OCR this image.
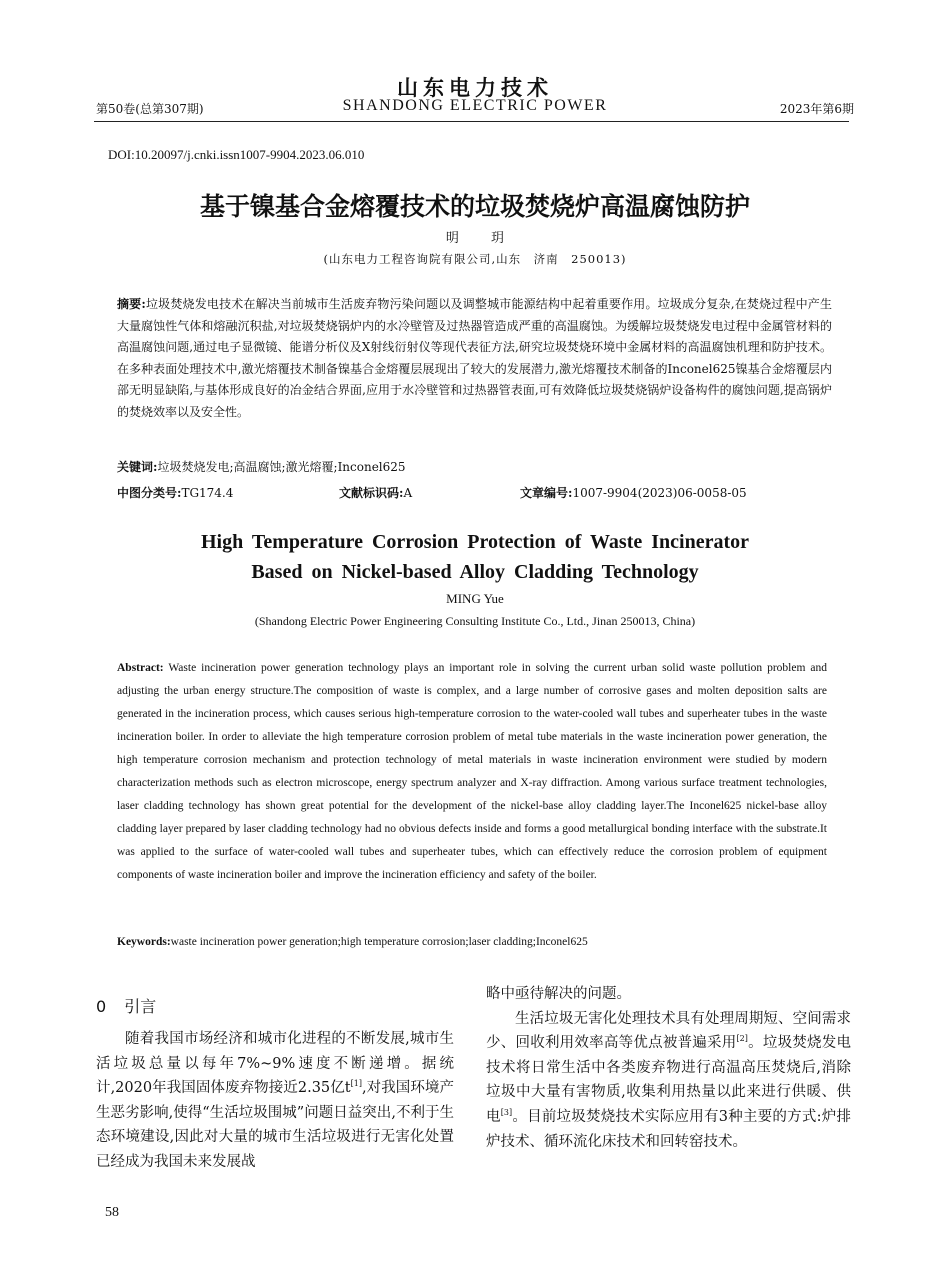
山东电力技术
第50卷(总第307期)	SHANDONG ELECTRIC POWER	2023年第6期
DOI:10.20097/j.cnki.issn1007-9904.2023.06.010
基于镍基合金熔覆技术的垃圾焚烧炉高温腐蚀防护
明 玥
(山东电力工程咨询院有限公司,山东　济南　250013)
摘要:垃圾焚烧发电技术在解决当前城市生活废弃物污染问题以及调整城市能源结构中起着重要作用。垃圾成分复杂,在焚烧过程中产生大量腐蚀性气体和熔融沉积盐,对垃圾焚烧锅炉内的水冷壁管及过热器管造成严重的高温腐蚀。为缓解垃圾焚烧发电过程中金属管材料的高温腐蚀问题,通过电子显微镜、能谱分析仪及X射线衍射仪等现代表征方法,研究垃圾焚烧环境中金属材料的高温腐蚀机理和防护技术。在多种表面处理技术中,激光熔覆技术制备镍基合金熔覆层展现出了较大的发展潜力,激光熔覆技术制备的Inconel625镍基合金熔覆层内部无明显缺陷,与基体形成良好的冶金结合界面,应用于水冷壁管和过热器管表面,可有效降低垃圾焚烧锅炉设备构件的腐蚀问题,提高锅炉的焚烧效率以及安全性。
关键词:垃圾焚烧发电;高温腐蚀;激光熔覆;Inconel625
中图分类号:TG174.4	文献标识码:A	文章编号:1007-9904(2023)06-0058-05
High Temperature Corrosion Protection of Waste Incinerator
Based on Nickel-based Alloy Cladding Technology
MING Yue
(Shandong Electric Power Engineering Consulting Institute Co., Ltd., Jinan 250013, China)
Abstract: Waste incineration power generation technology plays an important role in solving the current urban solid waste pollution problem and adjusting the urban energy structure.The composition of waste is complex, and a large number of corrosive gases and molten deposition salts are generated in the incineration process, which causes serious high-temperature corrosion to the water-cooled wall tubes and superheater tubes in the waste incineration boiler. In order to alleviate the high temperature corrosion problem of metal tube materials in the waste incineration power generation, the high temperature corrosion mechanism and protection technology of metal materials in waste incineration environment were studied by modern characterization methods such as electron microscope, energy spectrum analyzer and X-ray diffraction. Among various surface treatment technologies, laser cladding technology has shown great potential for the development of the nickel-base alloy cladding layer.The Inconel625 nickel-base alloy cladding layer prepared by laser cladding technology had no obvious defects inside and forms a good metallurgical bonding interface with the substrate.It was applied to the surface of water-cooled wall tubes and superheater tubes, which can effectively reduce the corrosion problem of equipment components of waste incineration boiler and improve the incineration efficiency and safety of the boiler.
Keywords:waste incineration power generation;high temperature corrosion;laser cladding;Inconel625
0 引言

随着我国市场经济和城市化进程的不断发展,城市生活垃圾总量以每年7%~9%速度不断递增。据统计,2020年我国固体废弃物接近2.35亿t[1],对我国环境产生恶劣影响,使得“生活垃圾围城”问题日益突出,不利于生态环境建设,因此对大量的城市生活垃圾进行无害化处置已经成为我国未来发展战

略中亟待解决的问题。

生活垃圾无害化处理技术具有处理周期短、空间需求少、回收利用效率高等优点被普遍采用[2]。垃圾焚烧发电技术将日常生活中各类废弃物进行高温高压焚烧后,消除垃圾中大量有害物质,收集利用热量以此来进行供暖、供电[3]。目前垃圾焚烧技术实际应用有3种主要的方式:炉排炉技术、循环流化床技术和回转窑技术。

58
